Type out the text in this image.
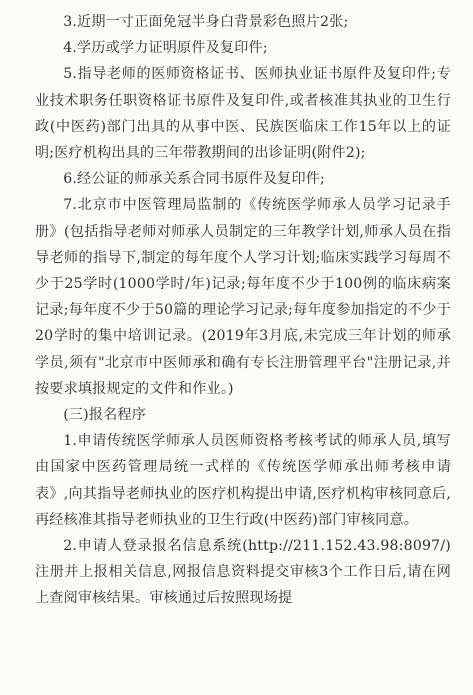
3.近期一寸正面免冠半身白背景彩色照片2张;

4.学历或学力证明原件及复印件;

5.指导老师的医师资格证书、医师执业证书原件及复印件;专业技术职务任职资格证书原件及复印件,或者核准其执业的卫生行政(中医药)部门出具的从事中医、民族医临床工作15年以上的证明;医疗机构出具的三年带教期间的出诊证明(附件2);

6.经公证的师承关系合同书原件及复印件;

7.北京市中医管理局监制的《传统医学师承人员学习记录手册》(包括指导老师对师承人员制定的三年教学计划,师承人员在指导老师的指导下,制定的每年度个人学习计划;临床实践学习每周不少于25学时(1000学时/年)记录;每年度不少于100例的临床病案记录;每年度不少于50篇的理论学习记录;每年度参加指定的不少于20学时的集中培训记录。(2019年3月底,未完成三年计划的师承学员,须有"北京市中医师承和确有专长注册管理平台"注册记录,并按要求填报规定的文件和作业。)

(三)报名程序

1.申请传统医学师承人员医师资格考核考试的师承人员,填写由国家中医药管理局统一式样的《传统医学师承出师考核申请表》,向其指导老师执业的医疗机构提出申请,医疗机构审核同意后,再经核准其指导老师执业的卫生行政(中医药)部门审核同意。

2.申请人登录报名信息系统(http://211.152.43.98:8097/)注册并上报相关信息,网报信息资料提交审核3个工作日后,请在网上查阅审核结果。审核通过后按照现场提
